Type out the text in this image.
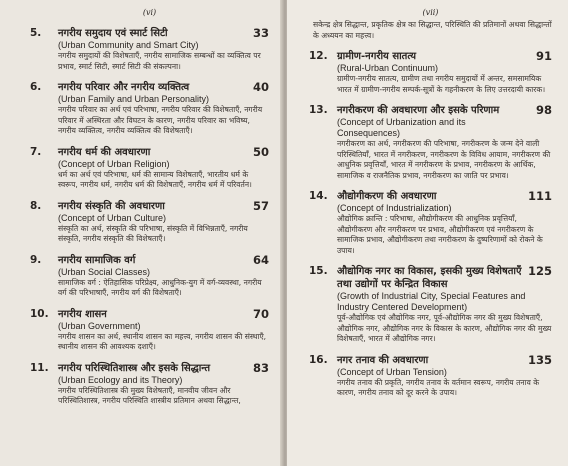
(vi)
5.	नगरीय समुदाय एवं स्मार्ट सिटी	33
(Urban Community and Smart City)
नगरीय समुदायों की विशेषताएँ, नगरीय सामाजिक सम्बन्धों का व्यक्तित्व पर प्रभाव, स्मार्ट सिटी, स्मार्ट सिटी की संकल्पना।
6.	नगरीय परिवार और नगरीय व्यक्तित्व	40
(Urban Family and Urban Personality)
नगरीय परिवार का अर्थ एवं परिभाषा, नगरीय परिवार की विशेषताएँ, नगरीय परिवार में अस्थिरता और विघटन के कारण, नगरीय परिवार का भविष्य, नगरीय व्यक्तित्व, नगरीय व्यक्तित्व की विशेषताएँ।
7.	नगरीय धर्म की अवधारणा	50
(Concept of Urban Religion)
धर्म का अर्थ एवं परिभाषा, धर्म की सामान्य विशेषताएँ, भारतीय धर्म के स्वरूप, नगरीय धर्म, नगरीय धर्म की विशेषताएँ, नगरीय धर्म में परिवर्तन।
8.	नगरीय संस्कृति की अवधारणा	57
(Concept of Urban Culture)
संस्कृति का अर्थ, संस्कृति की परिभाषा, संस्कृति में विभिन्नताएँ, नगरीय संस्कृति, नगरीय संस्कृति की विशेषताएँ।
9.	नगरीय सामाजिक वर्ग	64
(Urban Social Classes)
सामाजिक वर्ग : ऐतिहासिक परिप्रेक्ष्य, आधुनिक-युग में वर्ग-व्यवस्था, नगरीय वर्ग की परिभाषाएँ, नगरीय वर्ग की विशेषताएँ।
10. नगरीय शासन	70
(Urban Government)
नगरीय शासन का अर्थ, स्थानीय शासन का महत्त्व, नगरीय शासन की संस्थाएँ, स्थानीय शासन की आवश्यक दशाएँ।
11. नगरीय परिस्थितिशास्त्र और इसके सिद्धान्त	83
(Urban Ecology and its Theory)
नगरीय परिस्थितिशास्त्र की मुख्य विशेषताएँ, मानवीय जीवन और परिस्थितिशास्त्र, नगरीय परिस्थिति शास्त्रीय प्रतिमान अथवा सिद्धान्त,
(vii)
सकेन्द्र क्षेत्र सिद्धान्त, प्रकृतिक क्षेत्र का सिद्धान्त, परिस्थिति की प्रतिमानों अथवा सिद्धान्तों के अध्ययन का महत्त्व।
12. ग्रामीण-नगरीय सातत्य	91
(Rural-Urban Continuum)
ग्रामीण-नगरीय सातत्य, ग्रामीण तथा नगरीय समुदायों में अन्तर, समसामयिक भारत में ग्रामीण-नगरीय सम्पर्क-सूत्रों के गहनीकरण के लिए उत्तरदायी कारक।
13. नगरीकरण की अवधारणा और इसके परिणाम	98
(Concept of Urbanization and its Consequences)
नगरीकरण का अर्थ, नगरीकरण की परिभाषा, नगरीकरण के जन्म देने वाली परिस्थितियाँ, भारत में नगरीकरण, नगरीकरण के विविध आयाम, नगरीकरण की आधुनिक प्रवृत्तियाँ, भारत में नगरीकरण के प्रभाव, नगरीकरण के आर्थिक, सामाजिक व राजनैतिक प्रभाव, नगरीकरण का जाति पर प्रभाव।
14. औद्योगीकरण की अवधारणा	111
(Concept of Industrialization)
औद्योगिक क्रान्ति : परिभाषा, औद्योगीकरण की आधुनिक प्रवृत्तियाँ, औद्योगीकरण और नगरीकरण पर प्रभाव, औद्योगीकरण एवं नगरीकरण के सामाजिक प्रभाव, औद्योगीकरण तथा नगरीकरण के दुष्परिणामों को रोकने के उपाय।
15. औद्योगिक नगर का विकास, इसकी मुख्य विशेषताएँ तथा उद्योगों पर केन्द्रित विकास
125
(Growth of Industrial City, Special Features and Industry Centered Development)
पूर्व-औद्योगिक एवं औद्योगिक नगर, पूर्व-औद्योगिक नगर की मुख्य विशेषताएँ, औद्योगिक नगर, औद्योगिक नगर के विकास के कारण, औद्योगिक नगर की मुख्य विशेषताएँ, भारत में औद्योगिक नगर।
16. नगर तनाव की अवधारणा	135
(Concept of Urban Tension)
नगरीय तनाव की प्रकृति, नगरीय तनाव के वर्तमान स्वरूप, नगरीय तनाव के कारण, नगरीय तनाव को दूर करने के उपाय।
